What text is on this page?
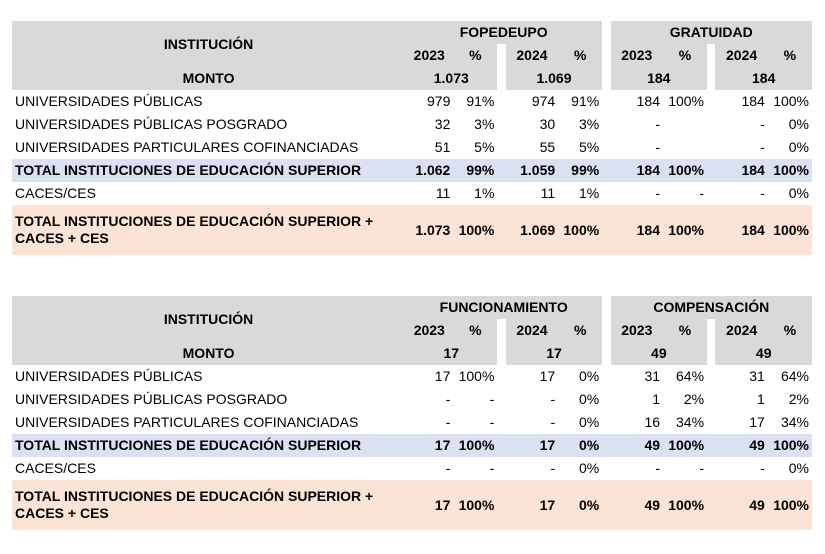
INSTITUCIÓN	FOPEDEUPO						GRATUIDAD				
	2023	%		2024	%		2023	%		2024	%
MONTO	1.073			1.069			184			184	
UNIVERSIDADES PÚBLICAS	979	91%		974	91%		184	100%		184	100%
UNIVERSIDADES PÚBLICAS POSGRADO	32	3%		30	3%		-			-	0%
UNIVERSIDADES PARTICULARES COFINANCIADAS	51	5%		55	5%		-			-	0%
TOTAL INSTITUCIONES DE EDUCACIÓN SUPERIOR	1.062	99%		1.059	99%		184	100%		184	100%
CACES/CES	11	1%		11	1%		-	-		-	0%
TOTAL INSTITUCIONES DE EDUCACIÓN SUPERIOR + CACES + CES	1.073	100%		1.069	100%		184	100%		184	100%
INSTITUCIÓN	FUNCIONAMIENTO						COMPENSACIÓN				
	2023	%		2024	%		2023	%		2024	%
MONTO	17			17			49			49	
UNIVERSIDADES PÚBLICAS	17	100%		17	0%		31	64%		31	64%
UNIVERSIDADES PÚBLICAS POSGRADO	-	-		-	0%		1	2%		1	2%
UNIVERSIDADES PARTICULARES COFINANCIADAS	-	-		-	0%		16	34%		17	34%
TOTAL INSTITUCIONES DE EDUCACIÓN SUPERIOR	17	100%		17	0%		49	100%		49	100%
CACES/CES	-	-		-	0%		-	-		-	0%
TOTAL INSTITUCIONES DE EDUCACIÓN SUPERIOR + CACES + CES	17	100%		17	0%		49	100%		49	100%
